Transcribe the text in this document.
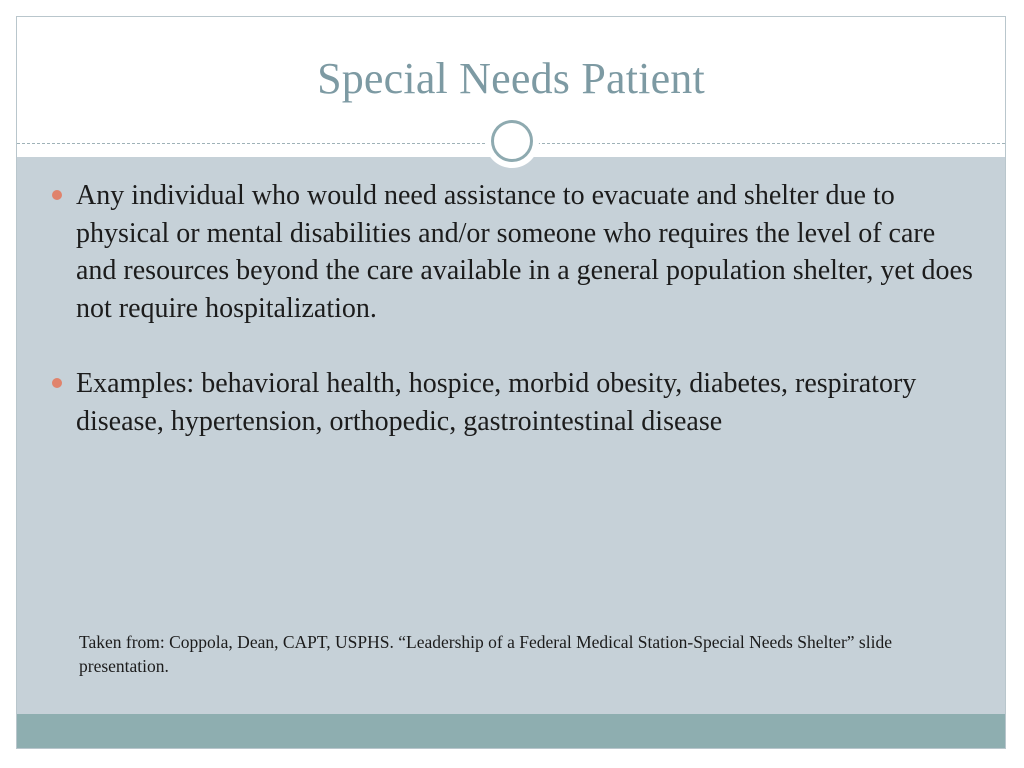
Special Needs Patient
Any individual who would need assistance to evacuate and shelter due to physical or mental disabilities and/or someone who requires the level of care and resources beyond the care available in a general population shelter, yet does not require hospitalization.
Examples: behavioral health, hospice, morbid obesity, diabetes, respiratory disease, hypertension, orthopedic, gastrointestinal disease
Taken from: Coppola, Dean, CAPT, USPHS. “Leadership of a Federal Medical Station-Special Needs Shelter” slide presentation.
